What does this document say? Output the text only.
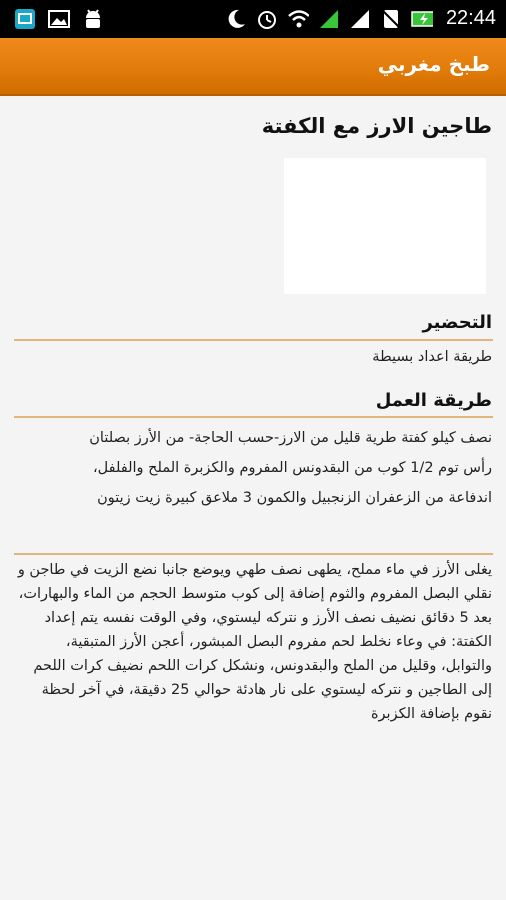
22:44
طبخ مغربي
طاجين الارز مع الكفتة
التحضير
طريقة اعداد بسيطة
طريقة العمل
نصف كيلو كفتة طرية قليل من الارز-حسب الحاجة- من الأرز بصلتان
رأس توم 1/2 كوب من البقدونس المفروم والكزبرة الملح والفلفل،
اندفاعة من الزعفران الزنجبيل والكمون 3 ملاعق كبيرة زيت زيتون
يغلى الأرز في ماء مملح، يطهى نصف طهي ويوضع جانبا نضع الزيت في طاجن و نقلي البصل المفروم والثوم إضافة إلى كوب متوسط الحجم من الماء والبهارات، بعد 5 دقائق نضيف نصف الأرز و نتركه ليستوي، وفي الوقت نفسه يتم إعداد الكفتة: في وعاء نخلط لحم مفروم البصل المبشور، أعجن الأرز المتبقية، والتوابل، وقليل من الملح والبقدونس، ونشكل كرات اللحم نضيف كرات اللحم إلى الطاجين و نتركه ليستوي على نار هادئة حوالي 25 دقيقة، في آخر لحظة نقوم بإضافة الكزبرة
